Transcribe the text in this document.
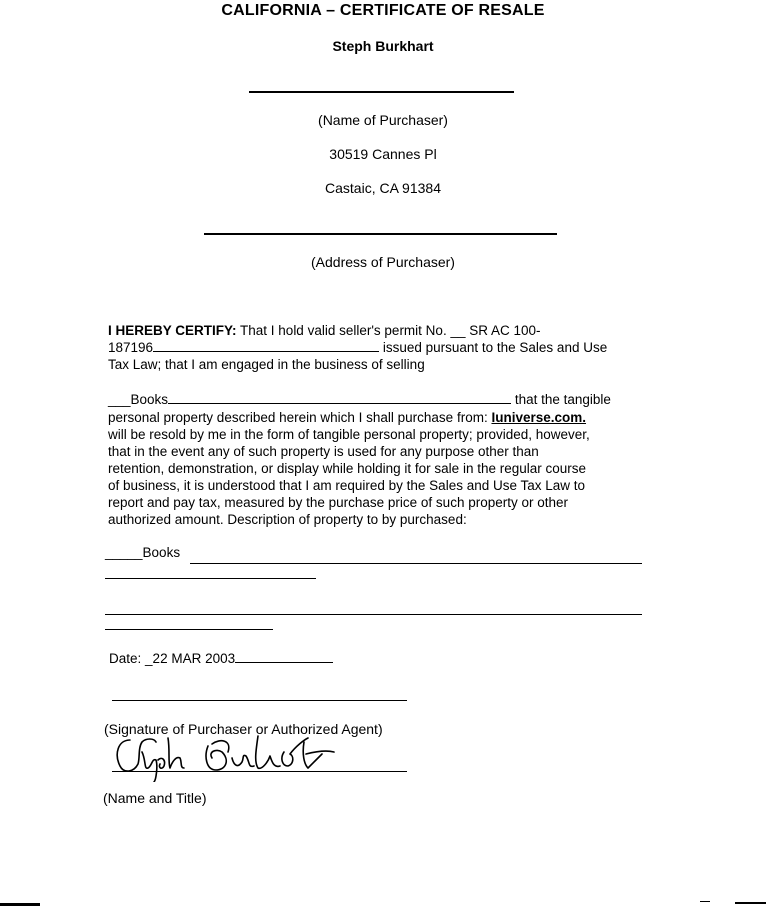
CALIFORNIA – CERTIFICATE OF RESALE
Steph Burkhart
(Name of Purchaser)
30519 Cannes Pl
Castaic, CA 91384
(Address of Purchaser)
I HEREBY CERTIFY: That I hold valid seller's permit No. __ SR AC 100-
187196	issued pursuant to the Sales and Use
Tax Law; that I am engaged in the business of selling
___Books	that the tangible
personal property described herein which I shall purchase from: Iuniverse.com.
will be resold by me in the form of tangible personal property; provided, however,
that in the event any of such property is used for any purpose other than
retention, demonstration, or display while holding it for sale in the regular course
of business, it is understood that I am required by the Sales and Use Tax Law to
report and pay tax, measured by the purchase price of such property or other
authorized amount. Description of property to by purchased:
_____Books
Date: _22 MAR 2003
(Signature of Purchaser or Authorized Agent)
(Name and Title)
